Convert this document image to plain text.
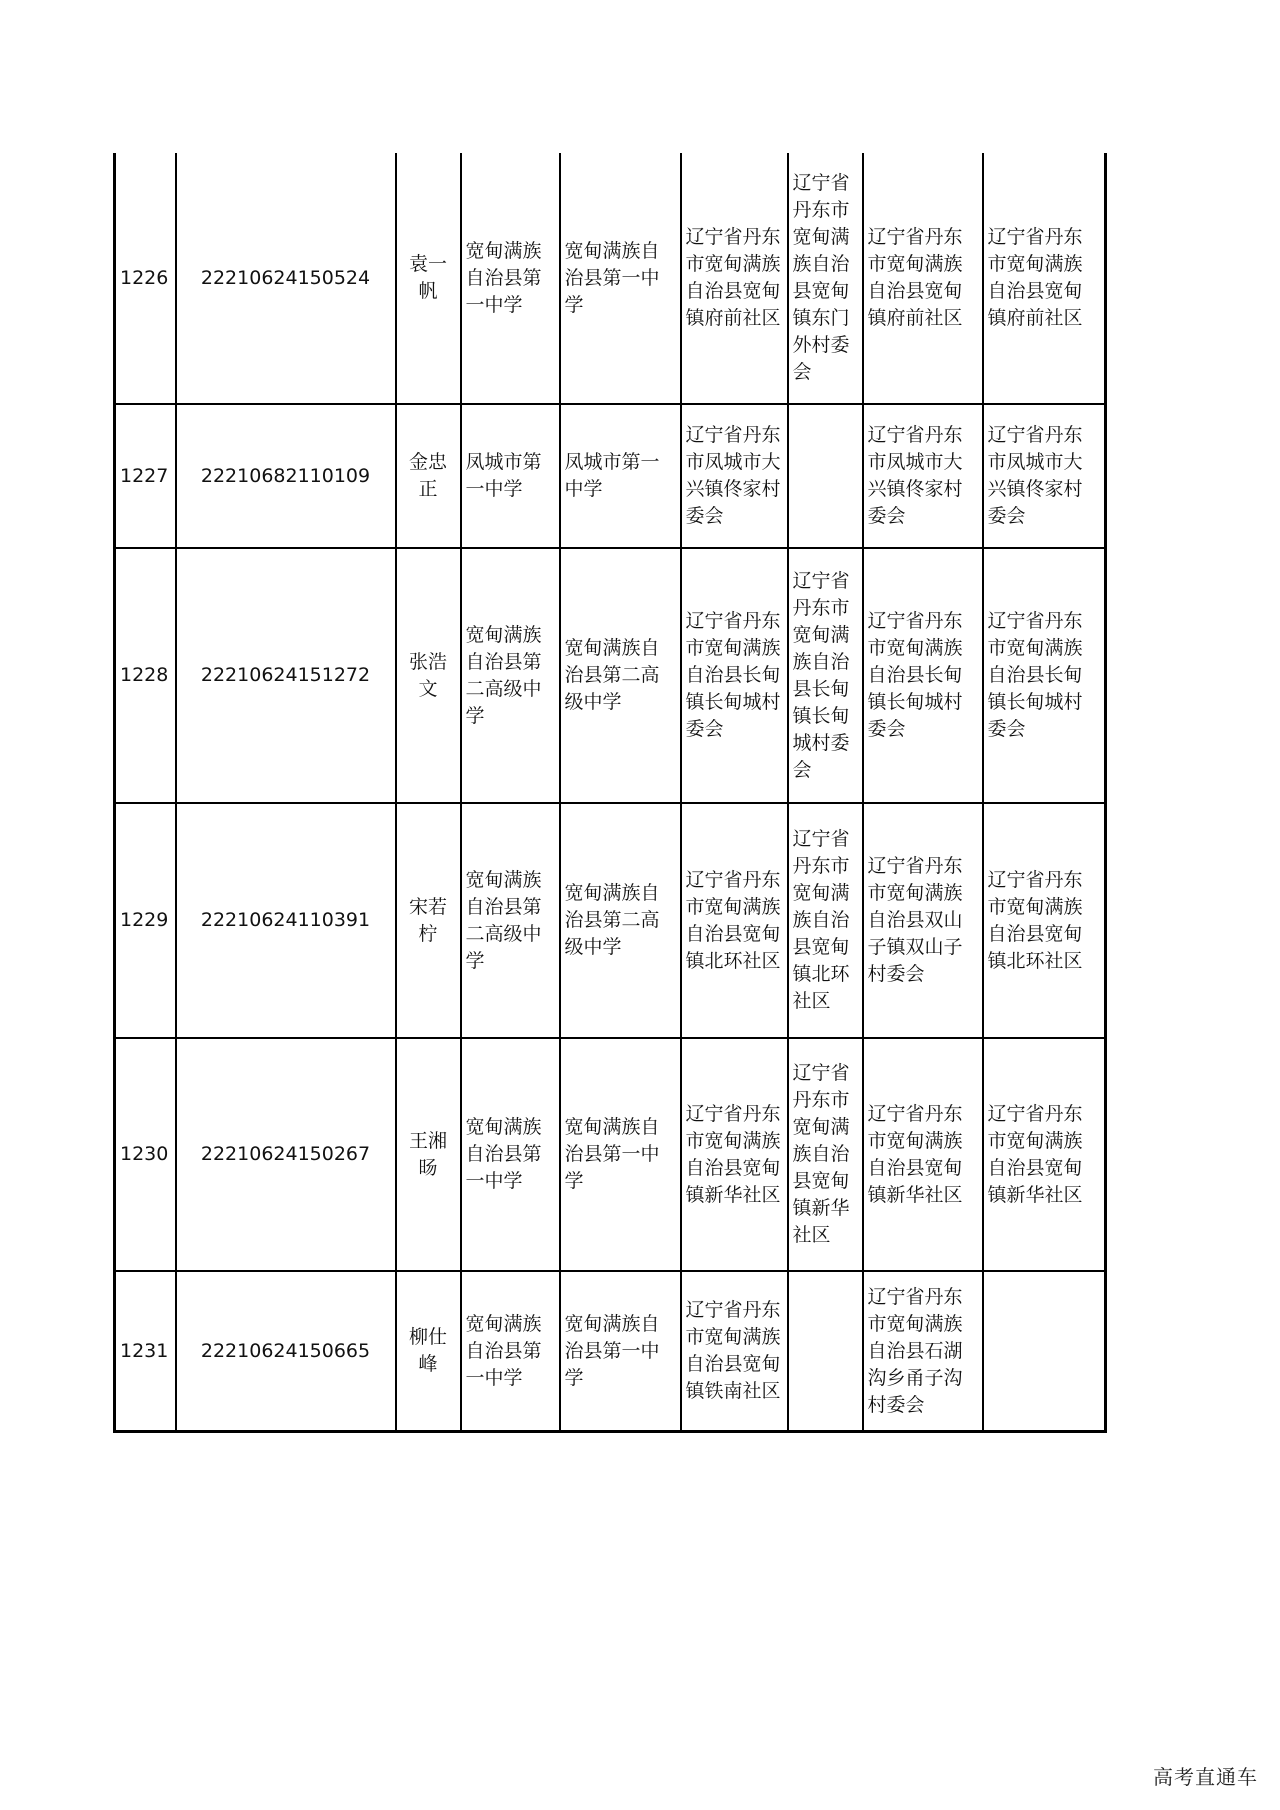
1226	22210624150524	袁一帆	宽甸满族自治县第一中学	宽甸满族自治县第一中学	辽宁省丹东市宽甸满族自治县宽甸镇府前社区	辽宁省丹东市宽甸满族自治县宽甸镇东门外村委会	辽宁省丹东市宽甸满族自治县宽甸镇府前社区	辽宁省丹东市宽甸满族自治县宽甸镇府前社区
1227	22210682110109	金忠正	凤城市第一中学	凤城市第一中学	辽宁省丹东市凤城市大兴镇佟家村委会		辽宁省丹东市凤城市大兴镇佟家村委会	辽宁省丹东市凤城市大兴镇佟家村委会
1228	22210624151272	张浩文	宽甸满族自治县第二高级中学	宽甸满族自治县第二高级中学	辽宁省丹东市宽甸满族自治县长甸镇长甸城村委会	辽宁省丹东市宽甸满族自治县长甸镇长甸城村委会	辽宁省丹东市宽甸满族自治县长甸镇长甸城村委会	辽宁省丹东市宽甸满族自治县长甸镇长甸城村委会
1229	22210624110391	宋若柠	宽甸满族自治县第二高级中学	宽甸满族自治县第二高级中学	辽宁省丹东市宽甸满族自治县宽甸镇北环社区	辽宁省丹东市宽甸满族自治县宽甸镇北环社区	辽宁省丹东市宽甸满族自治县双山子镇双山子村委会	辽宁省丹东市宽甸满族自治县宽甸镇北环社区
1230	22210624150267	王湘旸	宽甸满族自治县第一中学	宽甸满族自治县第一中学	辽宁省丹东市宽甸满族自治县宽甸镇新华社区	辽宁省丹东市宽甸满族自治县宽甸镇新华社区	辽宁省丹东市宽甸满族自治县宽甸镇新华社区	辽宁省丹东市宽甸满族自治县宽甸镇新华社区
1231	22210624150665	柳仕峰	宽甸满族自治县第一中学	宽甸满族自治县第一中学	辽宁省丹东市宽甸满族自治县宽甸镇铁南社区		辽宁省丹东市宽甸满族自治县石湖沟乡甬子沟村委会	
高考直通车
